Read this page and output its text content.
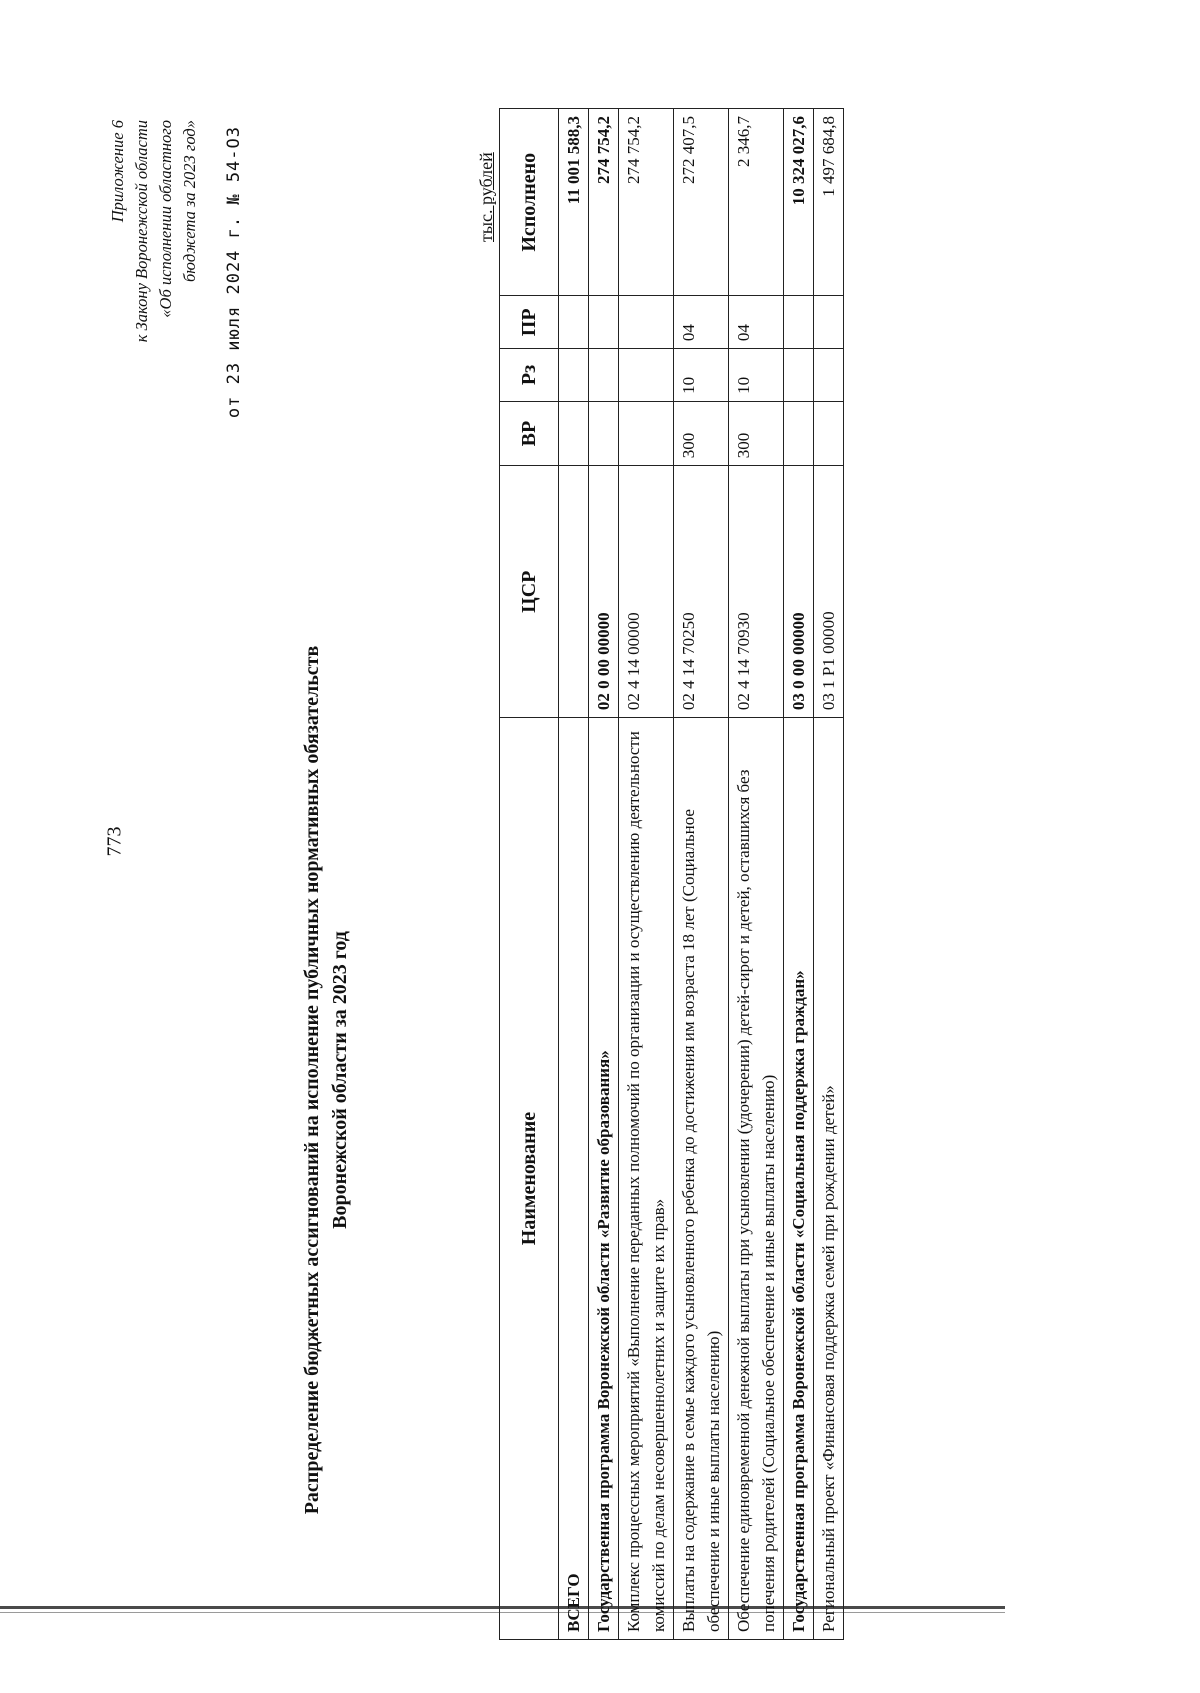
773
Приложение 6 к Закону Воронежской области «Об исполнении областного бюджета за 2023 год» от 23 июля 2024 г. № 54-ОЗ
Распределение бюджетных ассигнований на исполнение публичных нормативных обязательств Воронежской области за 2023 год
тыс. рублей
Наименование	ЦСР	ВР	Рз	ПР	Исполнено
ВСЕГО					11 001 588,3
Государственная программа Воронежской области «Развитие образования»	02 0 00 00000				274 754,2
Комплекс процессных мероприятий «Выполнение переданных полномочий по организации и осуществлению деятельности комиссий по делам несовершеннолетних и защите их прав»	02 4 14 00000				274 754,2
Выплаты на содержание в семье каждого усыновленного ребенка до достижения им возраста 18 лет (Социальное обеспечение и иные выплаты населению)	02 4 14 70250	300	10	04	272 407,5
Обеспечение единовременной денежной выплаты при усыновлении (удочерении) детей-сирот и детей, оставшихся без попечения родителей (Социальное обеспечение и иные выплаты населению)	02 4 14 70930	300	10	04	2 346,7
Государственная программа Воронежской области «Социальная поддержка граждан»	03 0 00 00000				10 324 027,6
Региональный проект «Финансовая поддержка семей при рождении детей»	03 1 Р1 00000				1 497 684,8
